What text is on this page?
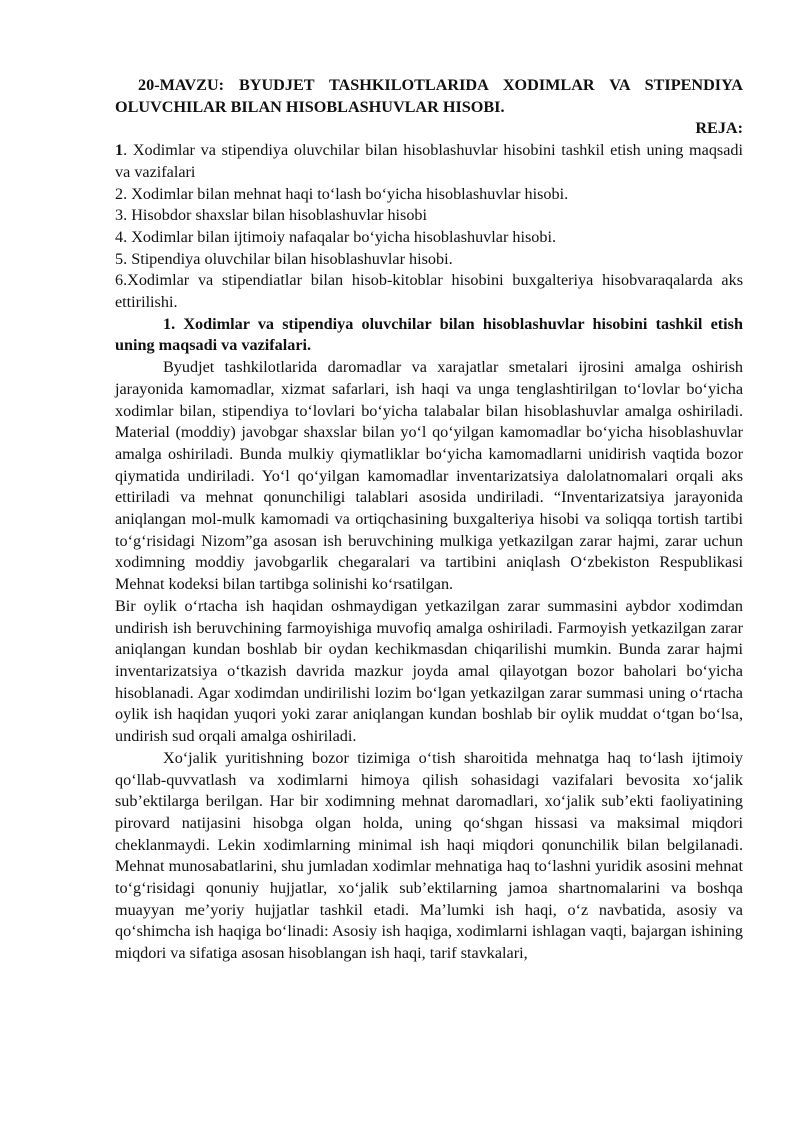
20-MAVZU: BYUDJET TASHKILOTLARIDA XODIMLAR VA STIPENDIYA OLUVCHILAR BILAN HISOBLASHUVLAR HISOBI.

REJA:

1. Xodimlar va stipendiya oluvchilar bilan hisoblashuvlar hisobini tashkil etish uning maqsadi va vazifalari

2. Xodimlar bilan mehnat haqi to‘lash bo‘yicha hisoblashuvlar hisobi.

3. Hisobdor shaxslar bilan hisoblashuvlar hisobi

4. Xodimlar bilan ijtimoiy nafaqalar bo‘yicha hisoblashuvlar hisobi.

5. Stipendiya oluvchilar bilan hisoblashuvlar hisobi.

6.Xodimlar va stipendiatlar bilan hisob-kitoblar hisobini buxgalteriya hisobvaraqalarda aks ettirilishi.

1. Xodimlar va stipendiya oluvchilar bilan hisoblashuvlar hisobini tashkil etish uning maqsadi va vazifalari.

Byudjet tashkilotlarida daromadlar va xarajatlar smetalari ijrosini amalga oshirish jarayonida kamomadlar, xizmat safarlari, ish haqi va unga tenglashtirilgan to‘lovlar bo‘yicha xodimlar bilan, stipendiya to‘lovlari bo‘yicha talabalar bilan hisoblashuvlar amalga oshiriladi. Material (moddiy) javobgar shaxslar bilan yo‘l qo‘yilgan kamomadlar bo‘yicha hisoblashuvlar amalga oshiriladi. Bunda mulkiy qiymatliklar bo‘yicha kamomadlarni unidirish vaqtida bozor qiymatida undiriladi. Yo‘l qo‘yilgan kamomadlar inventarizatsiya dalolatnomalari orqali aks ettiriladi va mehnat qonunchiligi talablari asosida undiriladi. “Inventarizatsiya jarayonida aniqlangan mol-mulk kamomadi va ortiqchasining buxgalteriya hisobi va soliqqa tortish tartibi to‘g‘risidagi Nizom”ga asosan ish beruvchining mulkiga yetkazilgan zarar hajmi, zarar uchun xodimning moddiy javobgarlik chegaralari va tartibini aniqlash O‘zbekiston Respublikasi Mehnat kodeksi bilan tartibga solinishi ko‘rsatilgan.

Bir oylik o‘rtacha ish haqidan oshmaydigan yetkazilgan zarar summasini aybdor xodimdan undirish ish beruvchining farmoyishiga muvofiq amalga oshiriladi. Farmoyish yetkazilgan zarar aniqlangan kundan boshlab bir oydan kechikmasdan chiqarilishi mumkin. Bunda zarar hajmi inventarizatsiya o‘tkazish davrida mazkur joyda amal qilayotgan bozor baholari bo‘yicha hisoblanadi. Agar xodimdan undirilishi lozim bo‘lgan yetkazilgan zarar summasi uning o‘rtacha oylik ish haqidan yuqori yoki zarar aniqlangan kundan boshlab bir oylik muddat o‘tgan bo‘lsa, undirish sud orqali amalga oshiriladi.

Xo‘jalik yuritishning bozor tizimiga o‘tish sharoitida mehnatga haq to‘lash ijtimoiy qo‘llab-quvvatlash va xodimlarni himoya qilish sohasidagi vazifalari bevosita xo‘jalik sub’ektilarga berilgan. Har bir xodimning mehnat daromadlari, xo‘jalik sub’ekti faoliyatining pirovard natijasini hisobga olgan holda, uning qo‘shgan hissasi va maksimal miqdori cheklanmaydi. Lekin xodimlarning minimal ish haqi miqdori qonunchilik bilan belgilanadi. Mehnat munosabatlarini, shu jumladan xodimlar mehnatiga haq to‘lashni yuridik asosini mehnat to‘g‘risidagi qonuniy hujjatlar, xo‘jalik sub’ektilarning jamoa shartnomalarini va boshqa muayyan me’yoriy hujjatlar tashkil etadi. Ma’lumki ish haqi, o‘z navbatida, asosiy va qo‘shimcha ish haqiga bo‘linadi: Asosiy ish haqiga, xodimlarni ishlagan vaqti, bajargan ishining miqdori va sifatiga asosan hisoblangan ish haqi, tarif stavkalari,
